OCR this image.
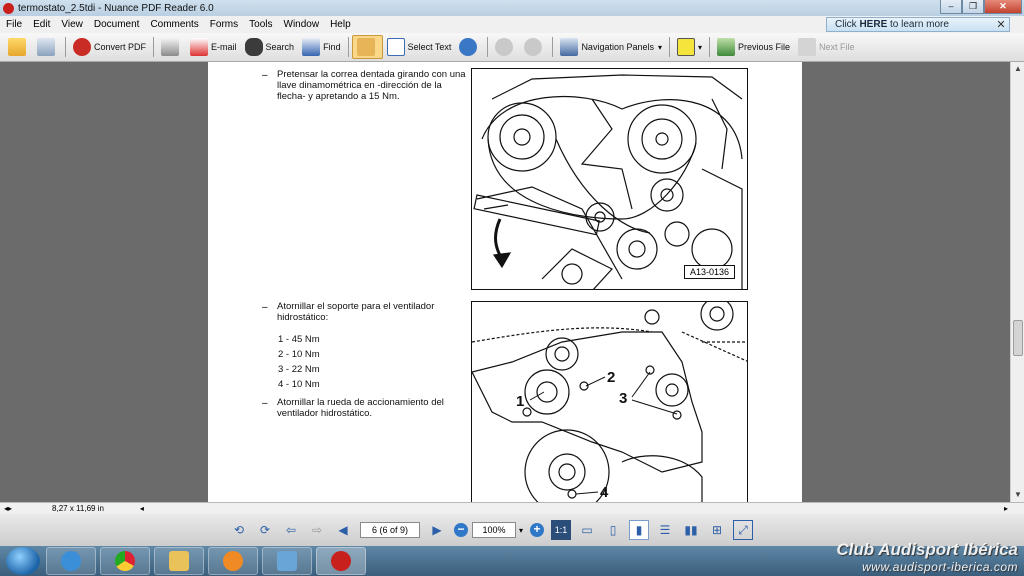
termostato_2.5tdi - Nuance PDF Reader 6.0	–	❐	✕
File Edit View Document Comments Forms Tools Window Help	Click HERE to learn more	✕
Convert PDF	E-mail	Search	Find	Select Text	Navigation Panels ▾	▾	Previous File	Next File
▲
▼
– Pretensar la correa dentada girando con una llave dinamométrica en -dirección de la flecha- y apretando a 15 Nm.
A13-0136
– Atornillar el soporte para el ventilador hidrostático:
1 - 45 Nm
2 - 10 Nm
3 - 22 Nm
4 - 10 Nm
– Atornillar la rueda de accionamiento del ventilador hidrostático.
1
2
3
4
◂▸	8,27 x 11,69 in	◂	▸
⟲	⟳	⇦	⇨	◀	6 (6 of 9)	▶	−	100%	▾ +	1:1	▭	▯	▮	☰	▮▮	⊞	⤢
Club Audisport Ibérica
www.audisport-iberica.com
